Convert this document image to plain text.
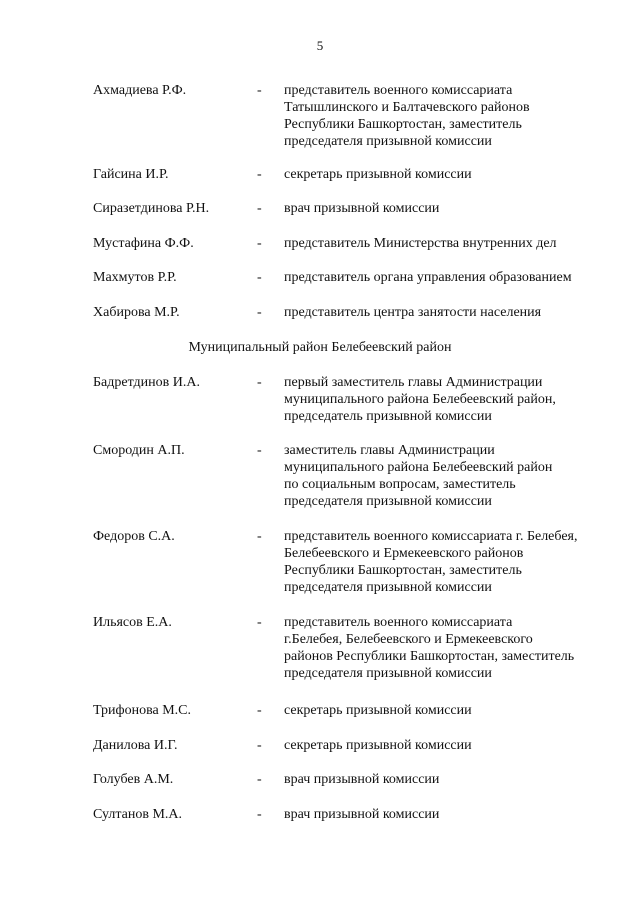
5
Ахмадиева Р.Ф.	- представитель военного комиссариата
Татышлинского и Балтачевского районов
Республики Башкортостан, заместитель
председателя призывной комиссии
Гайсина И.Р.	- секретарь призывной комиссии
Сиразетдинова Р.Н.	- врач призывной комиссии
Мустафина Ф.Ф.	- представитель Министерства внутренних дел
Махмутов Р.Р.	- представитель органа управления образованием
Хабирова М.Р.	- представитель центра занятости населения
Муниципальный район Белебеевский район
Бадретдинов И.А.	- первый заместитель главы Администрации
муниципального района Белебеевский район,
председатель призывной комиссии
Смородин А.П.	- заместитель главы Администрации
муниципального района Белебеевский район
по социальным вопросам, заместитель
председателя призывной комиссии
Федоров С.А.	- представитель военного комиссариата г. Белебея,
Белебеевского и Ермекеевского районов
Республики Башкортостан, заместитель
председателя призывной комиссии
Ильясов Е.А.	- представитель военного комиссариата
г.Белебея, Белебеевского и Ермекеевского
районов Республики Башкортостан, заместитель
председателя призывной комиссии
Трифонова М.С.	- секретарь призывной комиссии
Данилова И.Г.	- секретарь призывной комиссии
Голубев А.М.	- врач призывной комиссии
Султанов М.А.	- врач призывной комиссии
